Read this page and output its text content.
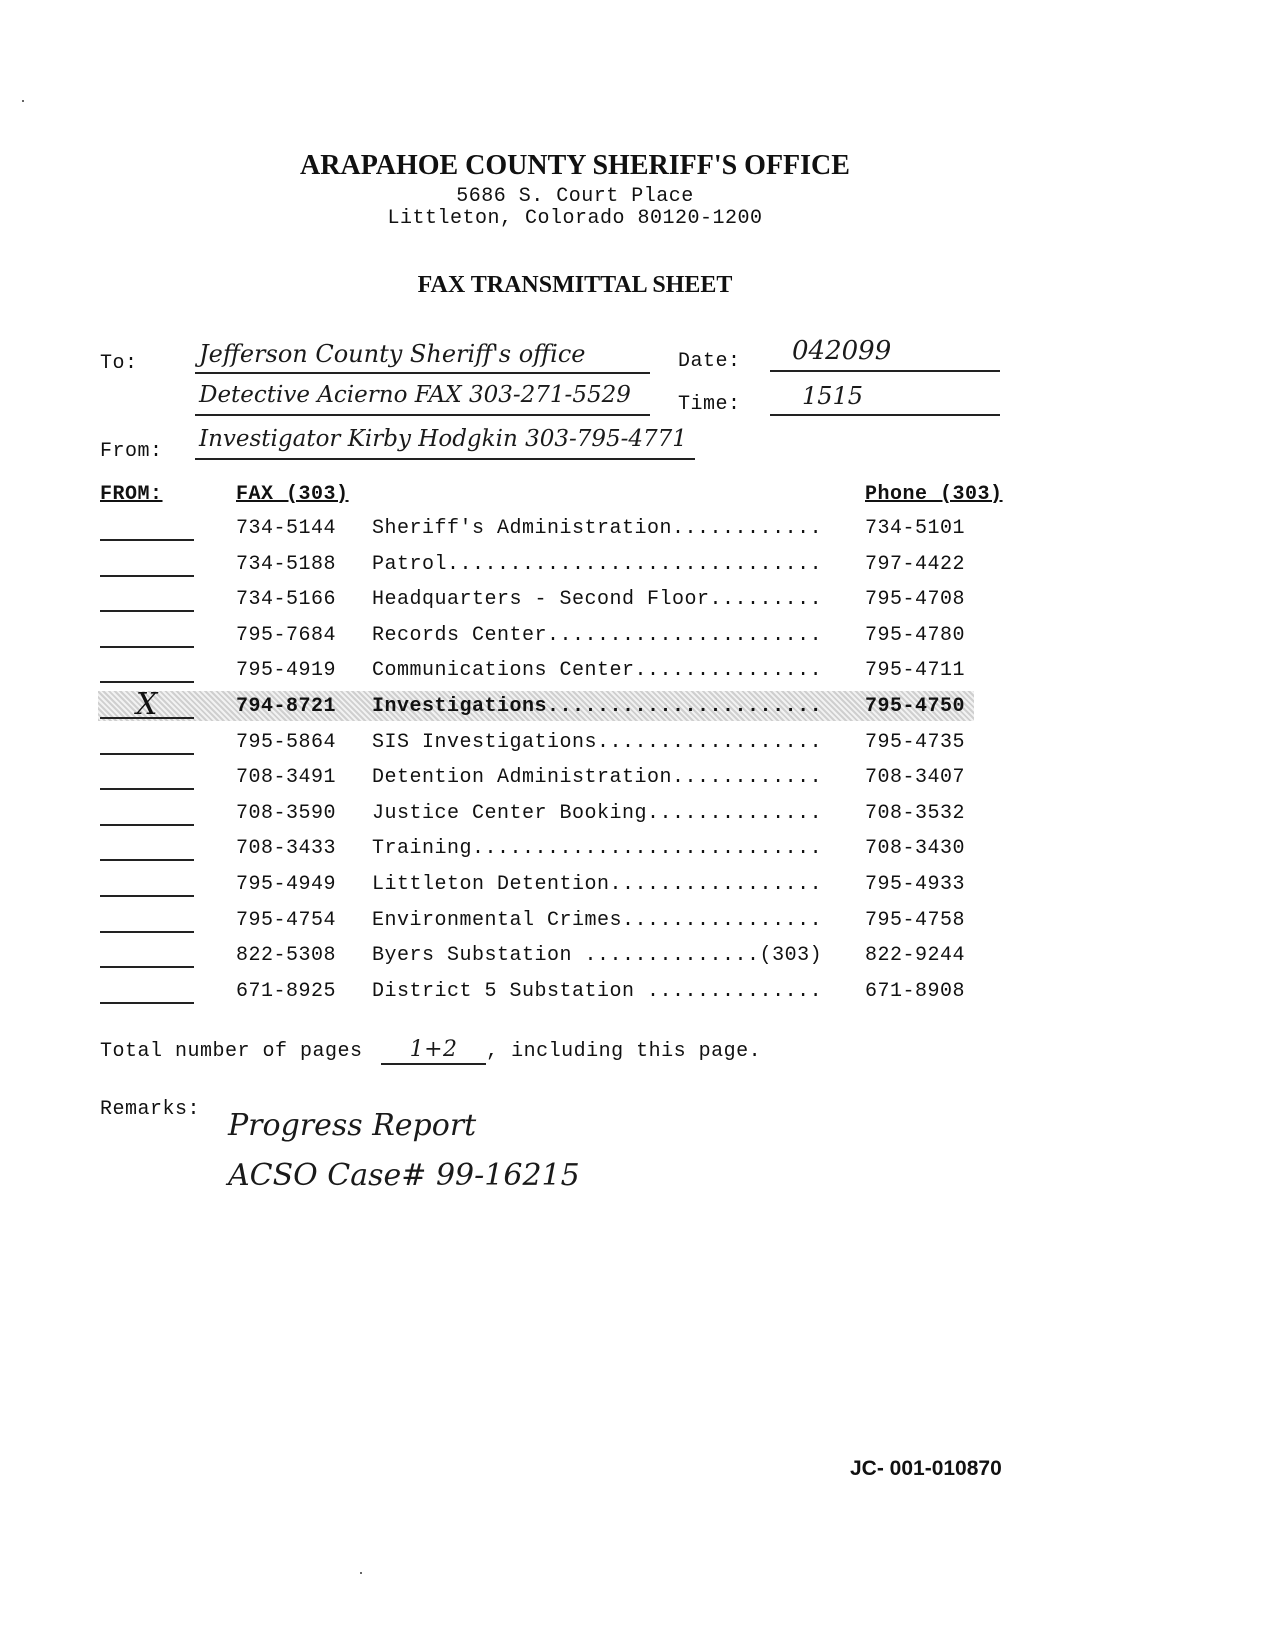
ARAPAHOE COUNTY SHERIFF'S OFFICE
5686 S. Court Place
Littleton, Colorado 80120-1200
FAX TRANSMITTAL SHEET
To:	Jefferson County Sheriff's office
Detective Acierno FAX 303-271-5529
Date: 042099
Time:	1515
From: Investigator Kirby Hodgkin 303-795-4771
FROM:	FAX (303)	Phone (303)
734-5144 Sheriff's Administration............	734-5101
734-5188 Patrol..............................	797-4422
734-5166 Headquarters - Second Floor.........	795-4708
795-7684 Records Center......................	795-4780
795-4919 Communications Center...............	795-4711
X	794-8721 Investigations......................	795-4750
795-5864 SIS Investigations..................	795-4735
708-3491 Detention Administration............	708-3407
708-3590 Justice Center Booking..............	708-3532
708-3433 Training............................	708-3430
795-4949 Littleton Detention.................	795-4933
795-4754 Environmental Crimes................	795-4758
822-5308 Byers Substation ..............(303)	822-9244
671-8925 District 5 Substation ..............	671-8908
Total number of pages 1+2 , including this page.
Remarks: Progress Report
ACSO Case# 99-16215
JC- 001-010870
